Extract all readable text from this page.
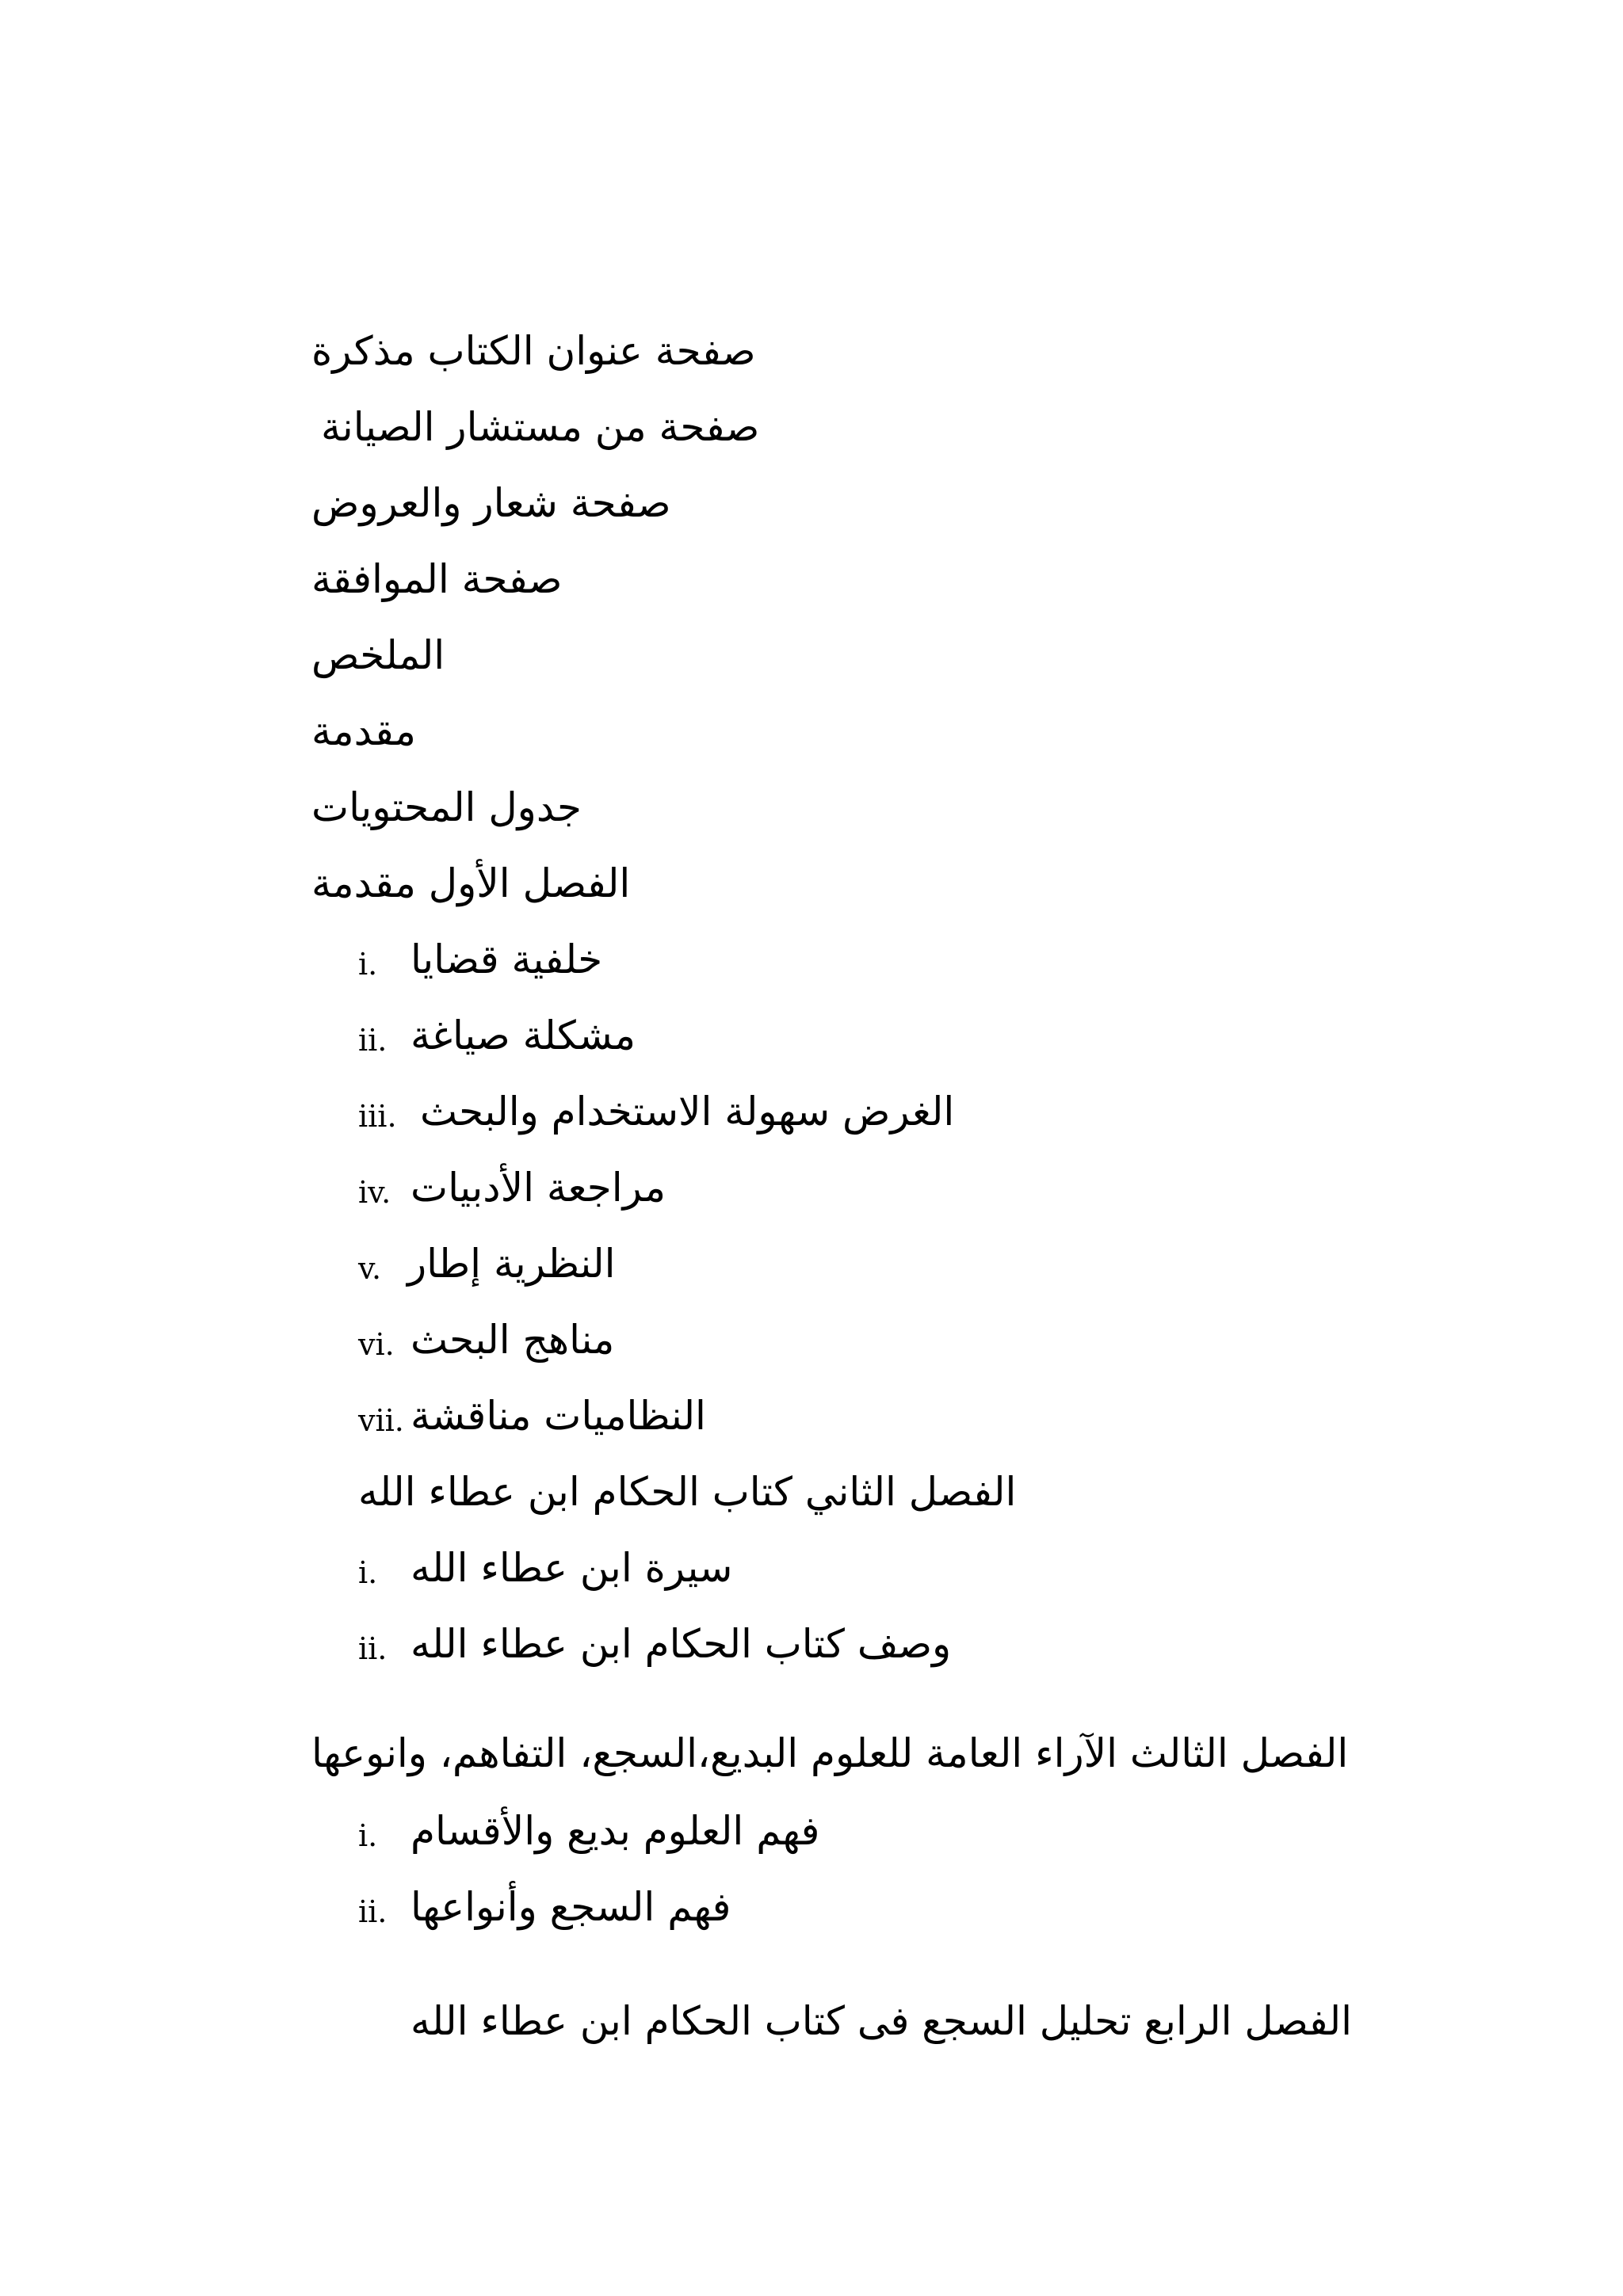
صفحة عنوان الكتاب مذكرة
صفحة من مستشار الصيانة
صفحة شعار والعروض
صفحة الموافقة
الملخص
مقدمة
جدول المحتويات
الفصل الأول مقدمة
i. خلفية قضايا
ii. مشكلة صياغة
iii. الغرض سهولة الاستخدام والبحث
iv. مراجعة الأدبيات
v. النظرية إطار
vi. مناهج البحث
vii. النظاميات مناقشة
الفصل الثاني كتاب الحكام ابن عطاء الله
i. سيرة ابن عطاء الله
ii. وصف كتاب الحكام ابن عطاء الله
الفصل الثالث الآراء العامة للعلوم البديع،السجع، التفاهم، وانوعها
i. فهم العلوم بديع والأقسام
ii. فهم السجع وأنواعها
الفصل الرابع تحليل السجع فى كتاب الحكام ابن عطاء الله
